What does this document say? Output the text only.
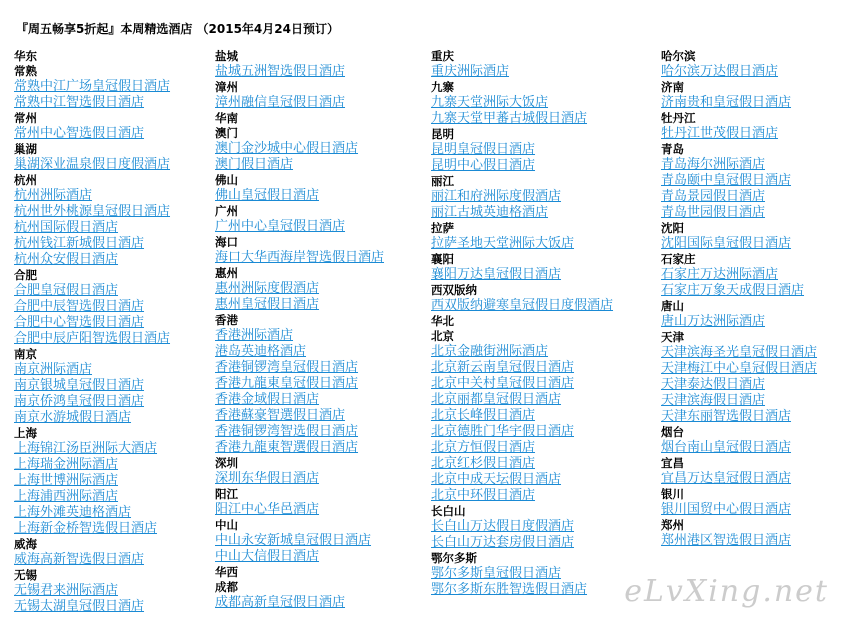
『周五畅享5折起』本周精选酒店 （2015年4月24日预订）
华东
常熟
常熟中江广场皇冠假日酒店
常熟中江智选假日酒店
常州
常州中心智选假日酒店
巢湖
巢湖深业温泉假日度假酒店
杭州
杭州洲际酒店
杭州世外桃源皇冠假日酒店
杭州国际假日酒店
杭州钱江新城假日酒店
杭州众安假日酒店
合肥
合肥皇冠假日酒店
合肥中辰智选假日酒店
合肥中心智选假日酒店
合肥中辰庐阳智选假日酒店
南京
南京洲际酒店
南京银城皇冠假日酒店
南京侨鸿皇冠假日酒店
南京水游城假日酒店
上海
上海锦江汤臣洲际大酒店
上海瑞金洲际酒店
上海世博洲际酒店
上海浦西洲际酒店
上海外滩英迪格酒店
上海新金桥智选假日酒店
威海
威海高新智选假日酒店
无锡
无锡君来洲际酒店
无锡太湖皇冠假日酒店
盐城
盐城五洲智选假日酒店
漳州
漳州融信皇冠假日酒店
华南
澳门
澳门金沙城中心假日酒店
澳门假日酒店
佛山
佛山皇冠假日酒店
广州
广州中心皇冠假日酒店
海口
海口大华西海岸智选假日酒店
惠州
惠州洲际度假酒店
惠州皇冠假日酒店
香港
香港洲际酒店
港岛英迪格酒店
香港铜锣湾皇冠假日酒店
香港九龍東皇冠假日酒店
香港金域假日酒店
香港蘇豪智選假日酒店
香港铜锣湾智选假日酒店
香港九龍東智選假日酒店
深圳
深圳东华假日酒店
阳江
阳江中心华邑酒店
中山
中山永安新城皇冠假日酒店
中山大信假日酒店
华西
成都
成都高新皇冠假日酒店
重庆
重庆洲际酒店
九寨
九寨天堂洲际大饭店
九寨天堂甲蕃古城假日酒店
昆明
昆明皇冠假日酒店
昆明中心假日酒店
丽江
丽江和府洲际度假酒店
丽江古城英迪格酒店
拉萨
拉萨圣地天堂洲际大饭店
襄阳
襄阳万达皇冠假日酒店
西双版纳
西双版纳避寒皇冠假日度假酒店
华北
北京
北京金融街洲际酒店
北京新云南皇冠假日酒店
北京中关村皇冠假日酒店
北京丽都皇冠假日酒店
北京长峰假日酒店
北京德胜门华宇假日酒店
北京方恒假日酒店
北京红杉假日酒店
北京中成天坛假日酒店
北京中环假日酒店
长白山
长白山万达假日度假酒店
长白山万达套房假日酒店
鄂尔多斯
鄂尔多斯皇冠假日酒店
鄂尔多斯东胜智选假日酒店
哈尔滨
哈尔滨万达假日酒店
济南
济南贵和皇冠假日酒店
牡丹江
牡丹江世茂假日酒店
青岛
青岛海尔洲际酒店
青岛颐中皇冠假日酒店
青岛景园假日酒店
青岛世园假日酒店
沈阳
沈阳国际皇冠假日酒店
石家庄
石家庄万达洲际酒店
石家庄万象天成假日酒店
唐山
唐山万达洲际酒店
天津
天津滨海圣光皇冠假日酒店
天津梅江中心皇冠假日酒店
天津泰达假日酒店
天津滨海假日酒店
天津东丽智选假日酒店
烟台
烟台南山皇冠假日酒店
宜昌
宜昌万达皇冠假日酒店
银川
银川国贸中心假日酒店
郑州
郑州港区智选假日酒店
eLvXing.net
